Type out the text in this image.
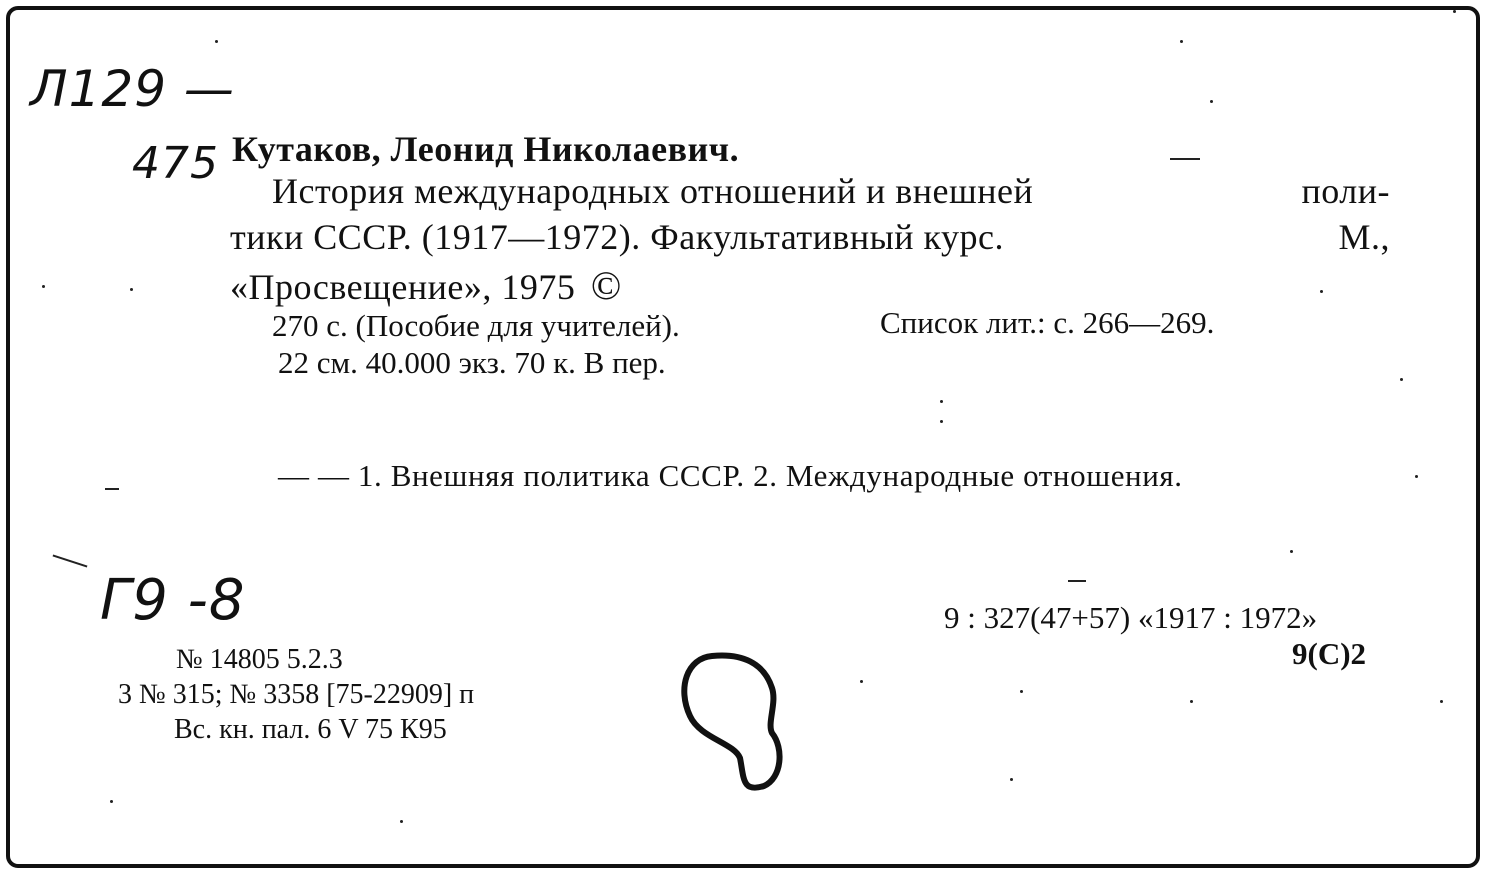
Л129 —
475 Кутаков, Леонид Николаевич.
История международных отношений и внешней	поли-
тики СССР. (1917—1972). Факультативный курс.	М.,
«Просвещение», 1975 ©
270 с. (Пособие для учителей).	Список лит.: с. 266—269.
22 см. 40.000 экз. 70 к. В пер.
— — 1. Внешняя политика СССР. 2. Международные отношения.
Г9 -8	9 : 327(47+57) «1917 : 1972»
9(С)2
№ 14805 5.2.3
3 № 315; № 3358 [75-22909] п
Вс. кн. пал. 6 V 75 К95
